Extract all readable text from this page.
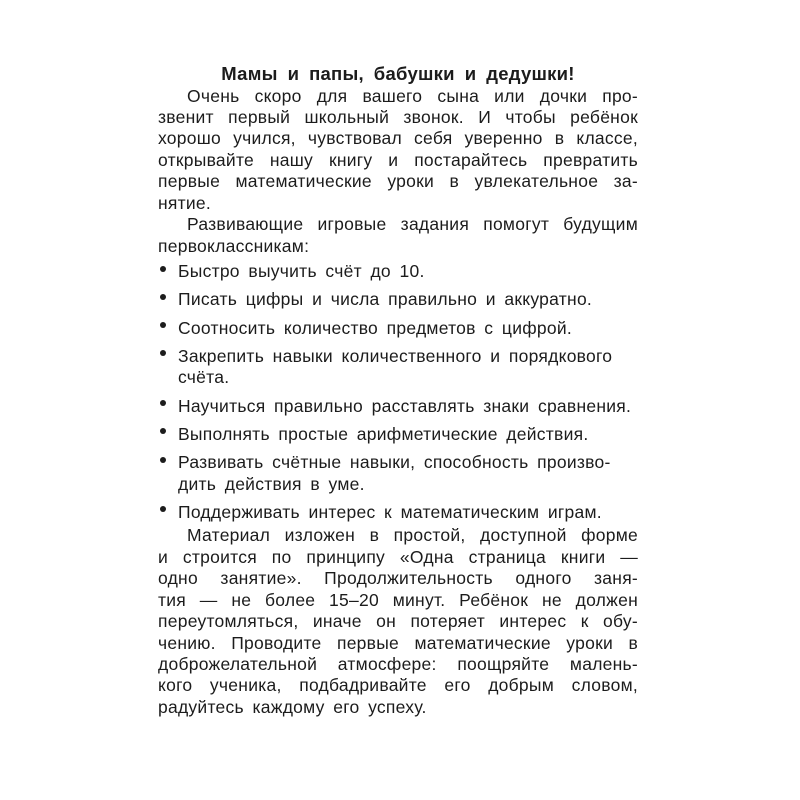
Мамы и папы, бабушки и дедушки!
Очень скоро для вашего сына или дочки про-
звенит первый школьный звонок. И чтобы ребёнок
хорошо учился, чувствовал себя уверенно в классе,
открывайте нашу книгу и постарайтесь превратить
первые математические уроки в увлекательное за-
нятие.
Развивающие игровые задания помогут будущим
первоклассникам:
Быстро выучить счёт до 10.
Писать цифры и числа правильно и аккуратно.
Соотносить количество предметов с цифрой.
Закрепить навыки количественного и порядкового
счёта.
Научиться правильно расставлять знаки сравнения.
Выполнять простые арифметические действия.
Развивать счётные навыки, способность произво-
дить действия в уме.
Поддерживать интерес к математическим играм.
Материал изложен в простой, доступной форме
и строится по принципу «Одна страница книги —
одно занятие». Продолжительность одного заня-
тия — не более 15–20 минут. Ребёнок не должен
переутомляться, иначе он потеряет интерес к обу-
чению. Проводите первые математические уроки в
доброжелательной атмосфере: поощряйте малень-
кого ученика, подбадривайте его добрым словом,
радуйтесь каждому его успеху.
